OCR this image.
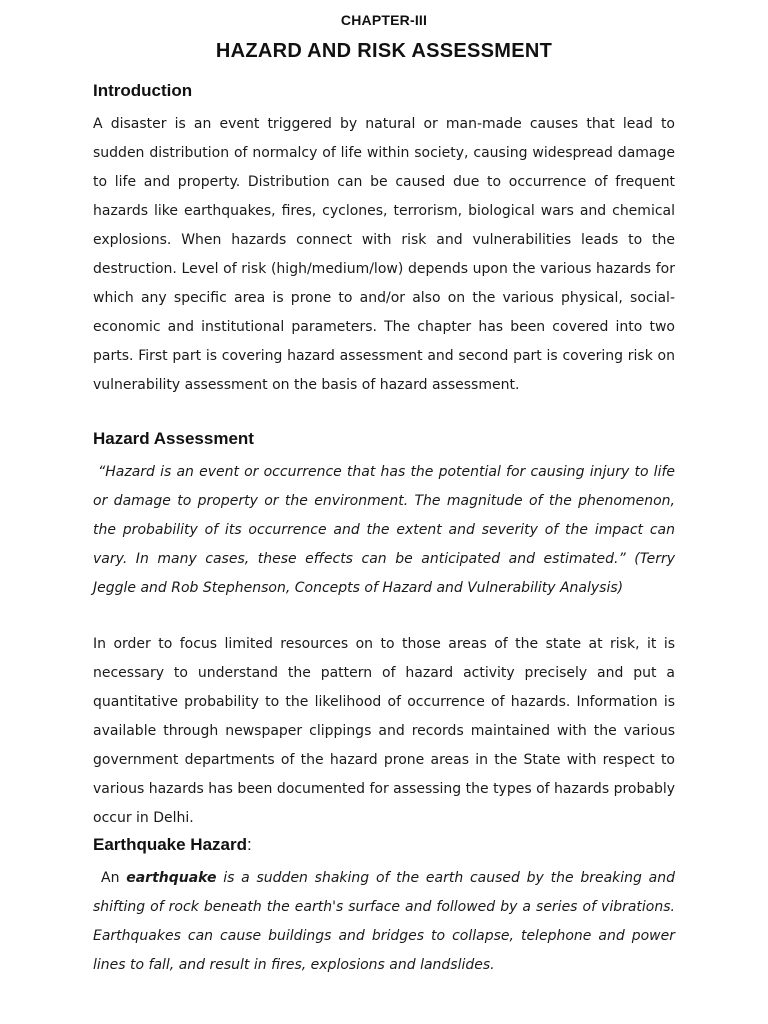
CHAPTER-III
HAZARD AND RISK ASSESSMENT
Introduction
A disaster is an event triggered by natural or man-made causes that lead to sudden distribution of normalcy of life within society, causing widespread damage to life and property. Distribution can be caused due to occurrence of frequent hazards like earthquakes, fires, cyclones, terrorism, biological wars and chemical explosions. When hazards connect with risk and vulnerabilities leads to the destruction. Level of risk (high/medium/low) depends upon the various hazards for which any specific area is prone to and/or also on the various physical, social-economic and institutional parameters. The chapter has been covered into two parts. First part is covering hazard assessment and second part is covering risk on vulnerability assessment on the basis of hazard assessment.
Hazard Assessment
“Hazard is an event or occurrence that has the potential for causing injury to life or damage to property or the environment. The magnitude of the phenomenon, the probability of its occurrence and the extent and severity of the impact can vary. In many cases, these effects can be anticipated and estimated.” (Terry Jeggle and Rob Stephenson, Concepts of Hazard and Vulnerability Analysis)
In order to focus limited resources on to those areas of the state at risk, it is necessary to understand the pattern of hazard activity precisely and put a quantitative probability to the likelihood of occurrence of hazards. Information is available through newspaper clippings and records maintained with the various government departments of the hazard prone areas in the State with respect to various hazards has been documented for assessing the types of hazards probably occur in Delhi.
Earthquake Hazard:
An earthquake is a sudden shaking of the earth caused by the breaking and shifting of rock beneath the earth's surface and followed by a series of vibrations. Earthquakes can cause buildings and bridges to collapse, telephone and power lines to fall, and result in fires, explosions and landslides.
